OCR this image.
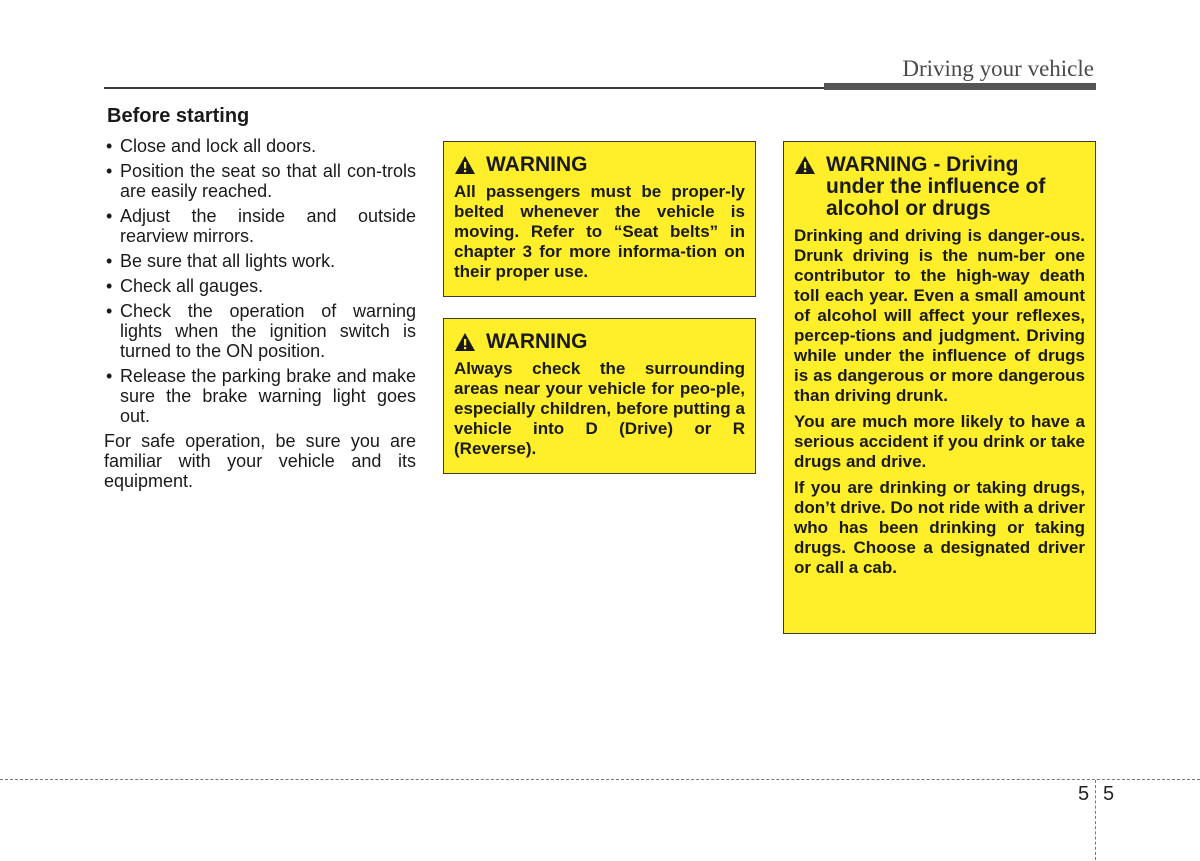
Driving your vehicle
Before starting
• Close and lock all doors.
• Position the seat so that all con-trols are easily reached.
• Adjust the inside and outside rearview mirrors.
• Be sure that all lights work.
• Check all gauges.
• Check the operation of warning lights when the ignition switch is turned to the ON position.
• Release the parking brake and make sure the brake warning light goes out.

For safe operation, be sure you are familiar with your vehicle and its equipment.

WARNING

All passengers must be proper-ly belted whenever the vehicle is moving. Refer to “Seat belts” in chapter 3 for more informa-tion on their proper use.

WARNING

Always check the surrounding areas near your vehicle for peo-ple, especially children, before putting a vehicle into D (Drive) or R (Reverse).

WARNING - Driving
under the influence of
alcohol or drugs

Drinking and driving is danger-ous. Drunk driving is the num-ber one contributor to the high-way death toll each year. Even a small amount of alcohol will affect your reflexes, percep-tions and judgment. Driving while under the influence of drugs is as dangerous or more dangerous than driving drunk.

You are much more likely to have a serious accident if you drink or take drugs and drive.

If you are drinking or taking drugs, don’t drive. Do not ride with a driver who has been drinking or taking drugs. Choose a designated driver or call a cab.

5 5
